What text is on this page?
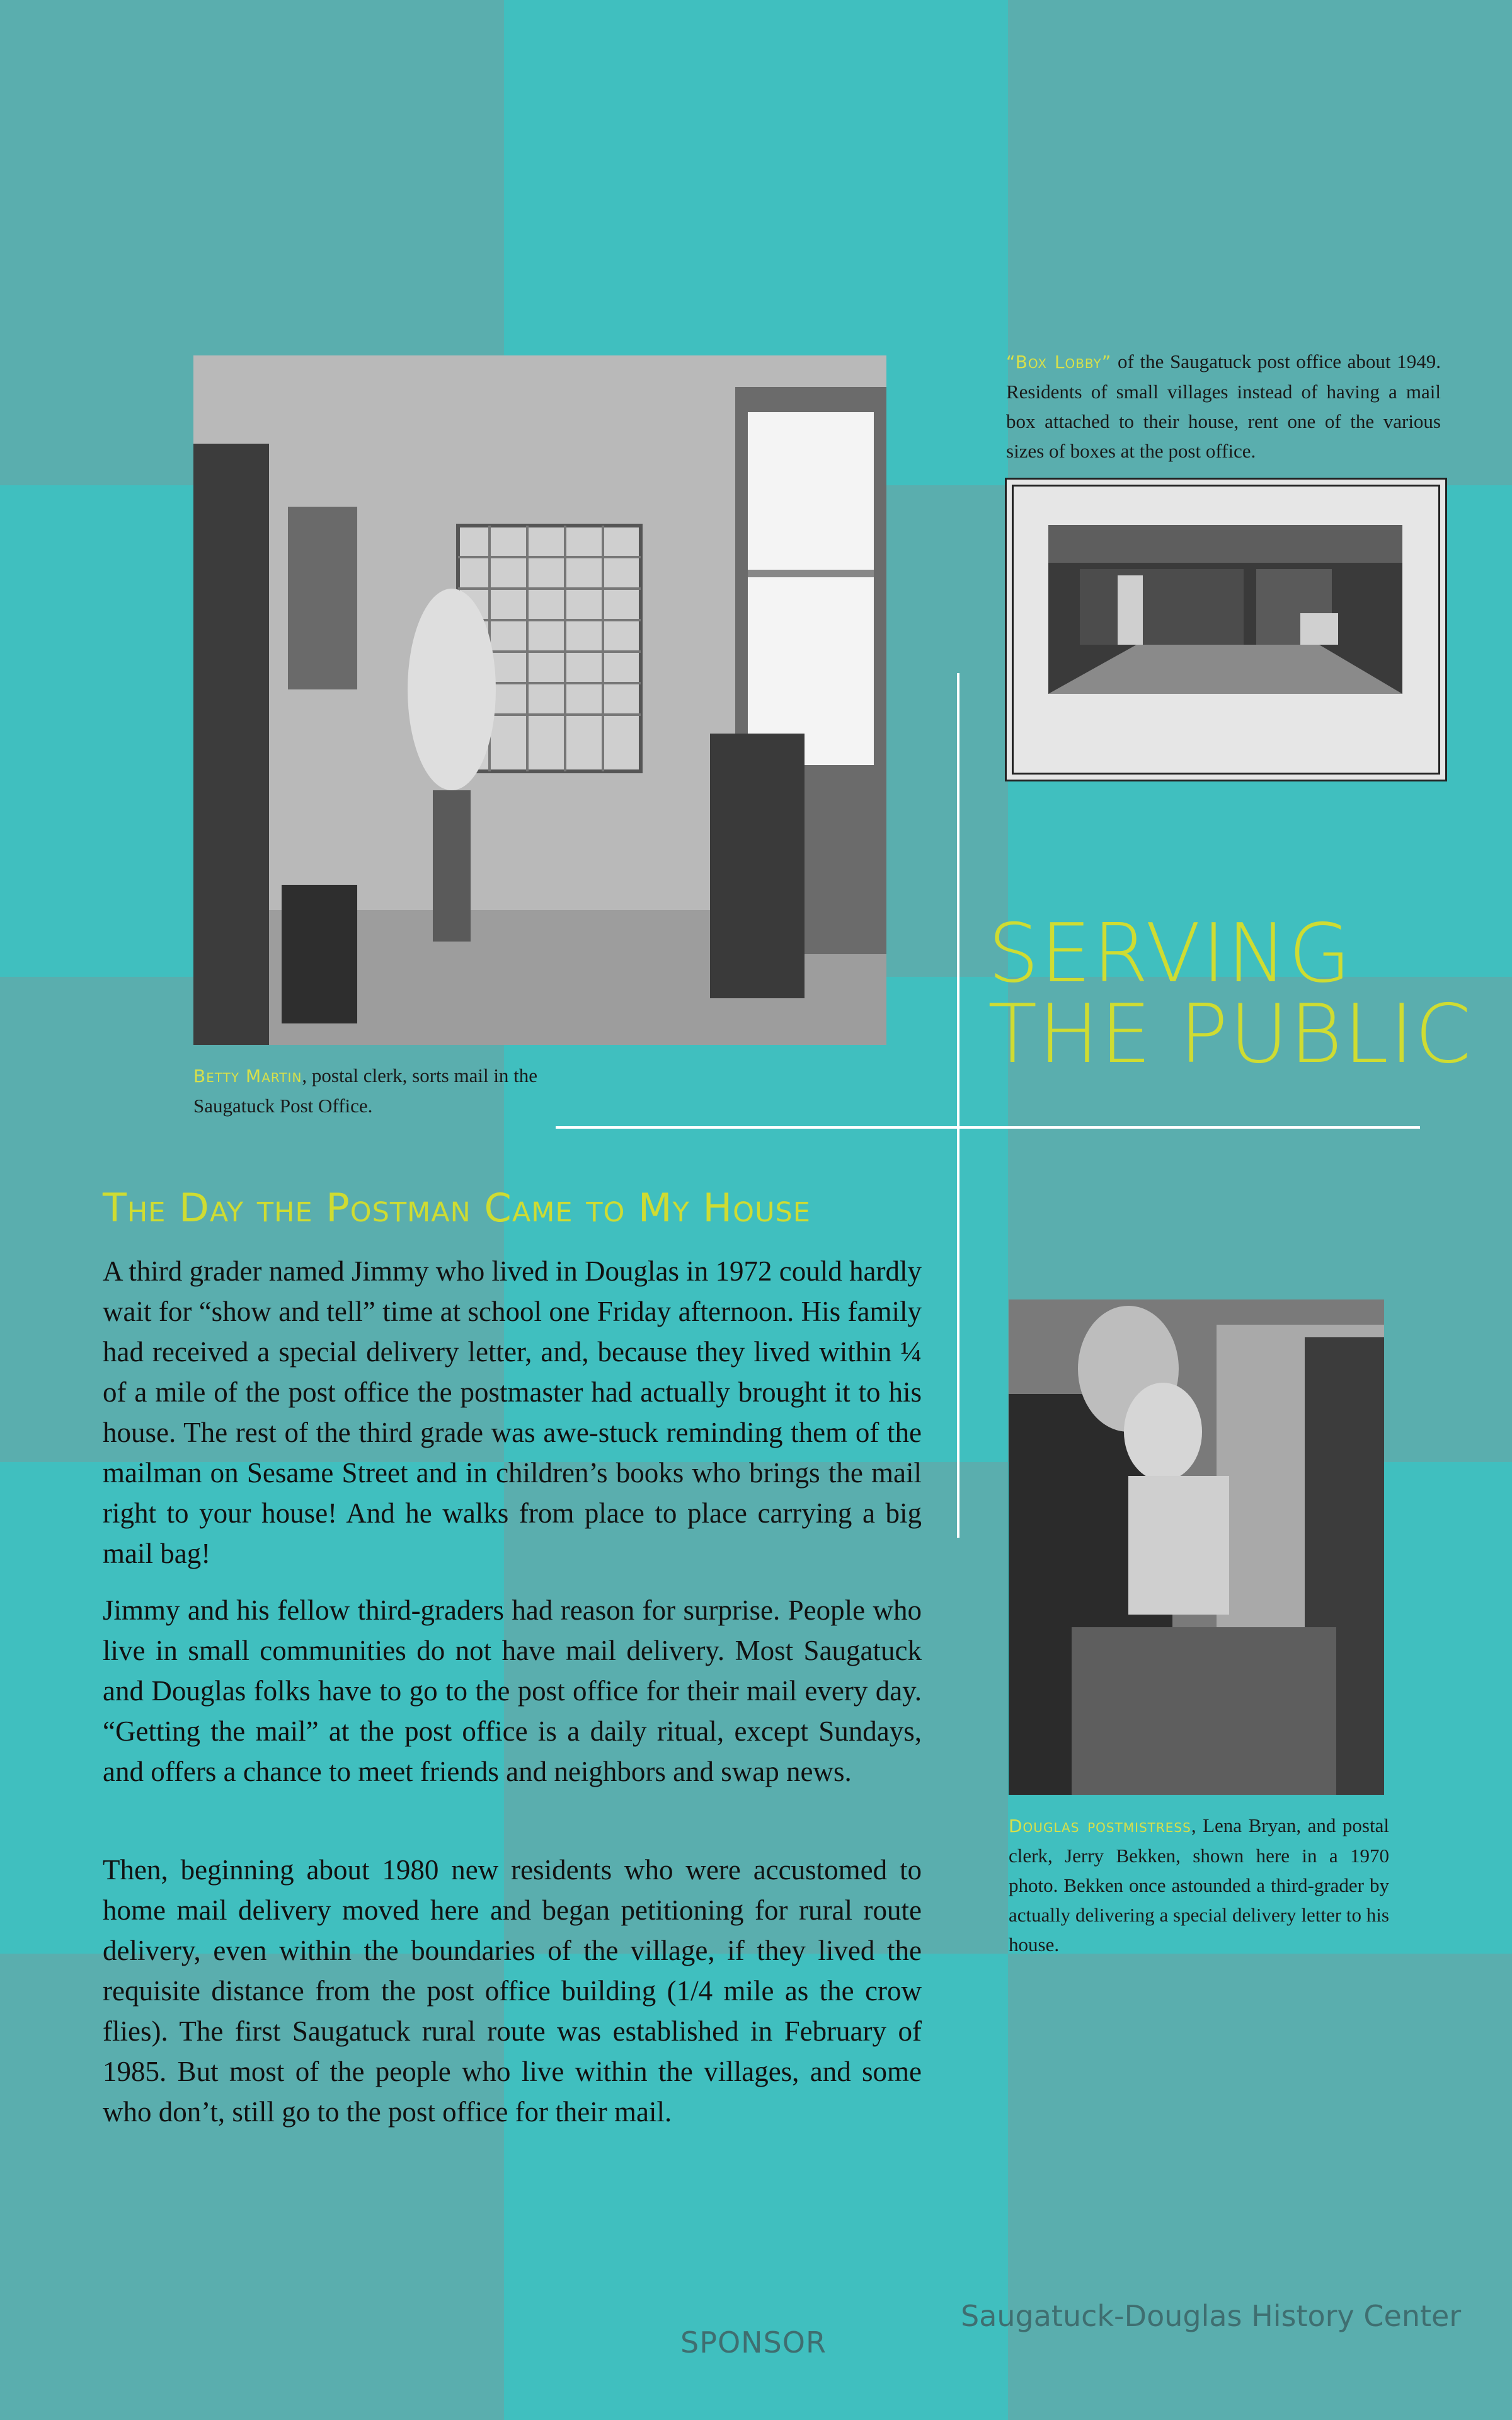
Betty Martin, postal clerk, sorts mail in the Saugatuck Post Office.
“Box Lobby” of the Saugatuck post office about 1949. Residents of small villages instead of having a mail box attached to their house, rent one of the various sizes of boxes at the post office.
SERVING
THE PUBLIC
The Day the Postman Came to My House

A third grader named Jimmy who lived in Douglas in 1972 could hardly wait for “show and tell” time at school one Friday afternoon. His family had received a special delivery letter, and, because they lived within ¼ of a mile of the post office the postmaster had actually brought it to his house. The rest of the third grade was awe-stuck reminding them of the mailman on Sesame Street and in children’s books who brings the mail right to your house! And he walks from place to place carrying a big mail bag!

Jimmy and his fellow third-graders had reason for surprise. People who live in small communities do not have mail delivery. Most Saugatuck and Douglas folks have to go to the post office for their mail every day. “Getting the mail” at the post office is a daily ritual, except Sundays, and offers a chance to meet friends and neighbors and swap news.

Then, beginning about 1980 new residents who were accustomed to home mail delivery moved here and began petitioning for rural route delivery, even within the boundaries of the village, if they lived the requisite distance from the post office building (1/4 mile as the crow flies). The first Saugatuck rural route was established in February of 1985. But most of the people who live within the villages, and some who don’t, still go to the post office for their mail.

Douglas postmistress, Lena Bryan, and postal clerk, Jerry Bekken, shown here in a 1970 photo. Bekken once astounded a third-grader by actually delivering a special delivery letter to his house.
SPONSOR
Saugatuck-Douglas History Center
